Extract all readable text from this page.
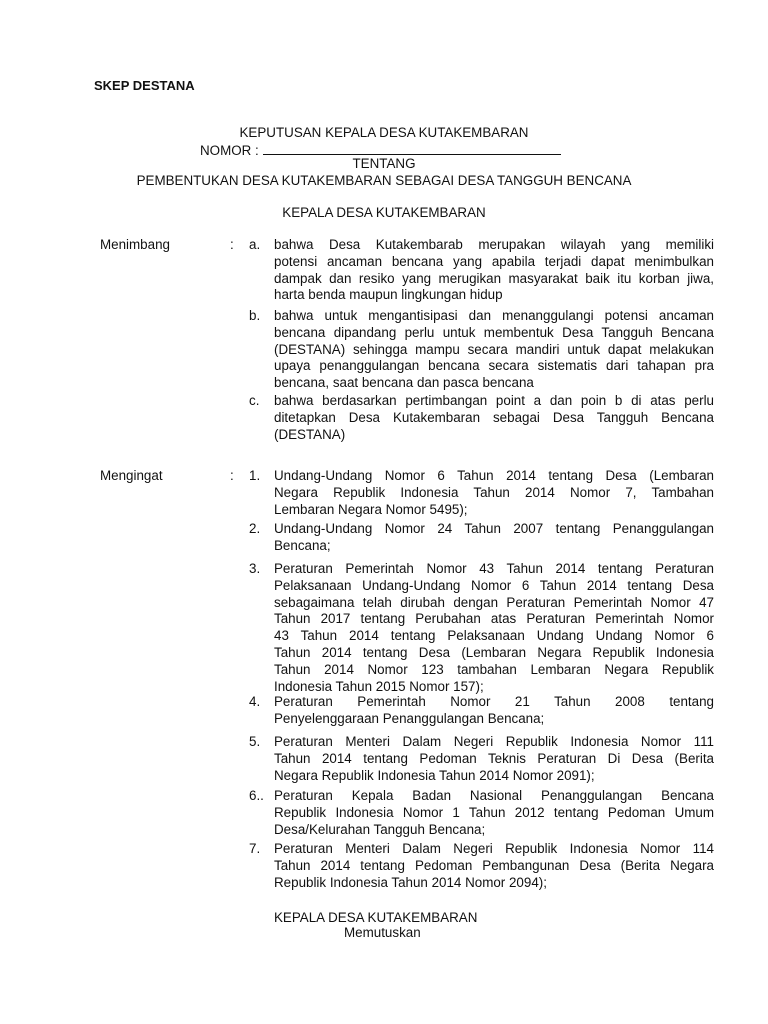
SKEP DESTANA
KEPUTUSAN KEPALA DESA KUTAKEMBARAN
NOMOR :
TENTANG
PEMBENTUKAN DESA KUTAKEMBARAN SEBAGAI DESA TANGGUH BENCANA
KEPALA DESA KUTAKEMBARAN
Menimbang	: a. bahwa Desa Kutakembarab merupakan wilayah yang memiliki
potensi ancaman bencana yang apabila terjadi dapat menimbulkan
dampak dan resiko yang merugikan masyarakat baik itu korban jiwa,
harta benda maupun lingkungan hidup
b. bahwa untuk mengantisipasi dan menanggulangi potensi ancaman
bencana dipandang perlu untuk membentuk Desa Tangguh Bencana
(DESTANA) sehingga mampu secara mandiri untuk dapat melakukan
upaya penanggulangan bencana secara sistematis dari tahapan pra
bencana, saat bencana dan pasca bencana
c. bahwa berdasarkan pertimbangan point a dan poin b di atas perlu
ditetapkan Desa Kutakembaran sebagai Desa Tangguh Bencana
(DESTANA)
Mengingat	: 1. Undang-Undang Nomor 6 Tahun 2014 tentang Desa (Lembaran
Negara Republik Indonesia Tahun 2014 Nomor 7, Tambahan
Lembaran Negara Nomor 5495);
2. Undang-Undang Nomor 24 Tahun 2007 tentang Penanggulangan
Bencana;
3. Peraturan Pemerintah Nomor 43 Tahun 2014 tentang Peraturan
Pelaksanaan Undang-Undang Nomor 6 Tahun 2014 tentang Desa
sebagaimana telah dirubah dengan Peraturan Pemerintah Nomor 47
Tahun 2017 tentang Perubahan atas Peraturan Pemerintah Nomor
43 Tahun 2014 tentang Pelaksanaan Undang Undang Nomor 6
Tahun 2014 tentang Desa (Lembaran Negara Republik Indonesia
Tahun 2014 Nomor 123 tambahan Lembaran Negara Republik
Indonesia Tahun 2015 Nomor 157);
4. Peraturan Pemerintah Nomor 21 Tahun 2008 tentang
Penyelenggaraan Penanggulangan Bencana;
5. Peraturan Menteri Dalam Negeri Republik Indonesia Nomor 111
Tahun 2014 tentang Pedoman Teknis Peraturan Di Desa (Berita
Negara Republik Indonesia Tahun 2014 Nomor 2091);
6.. Peraturan Kepala Badan Nasional Penanggulangan Bencana
Republik Indonesia Nomor 1 Tahun 2012 tentang Pedoman Umum
Desa/Kelurahan Tangguh Bencana;
7. Peraturan Menteri Dalam Negeri Republik Indonesia Nomor 114
Tahun 2014 tentang Pedoman Pembangunan Desa (Berita Negara
Republik Indonesia Tahun 2014 Nomor 2094);
KEPALA DESA KUTAKEMBARAN
Memutuskan
